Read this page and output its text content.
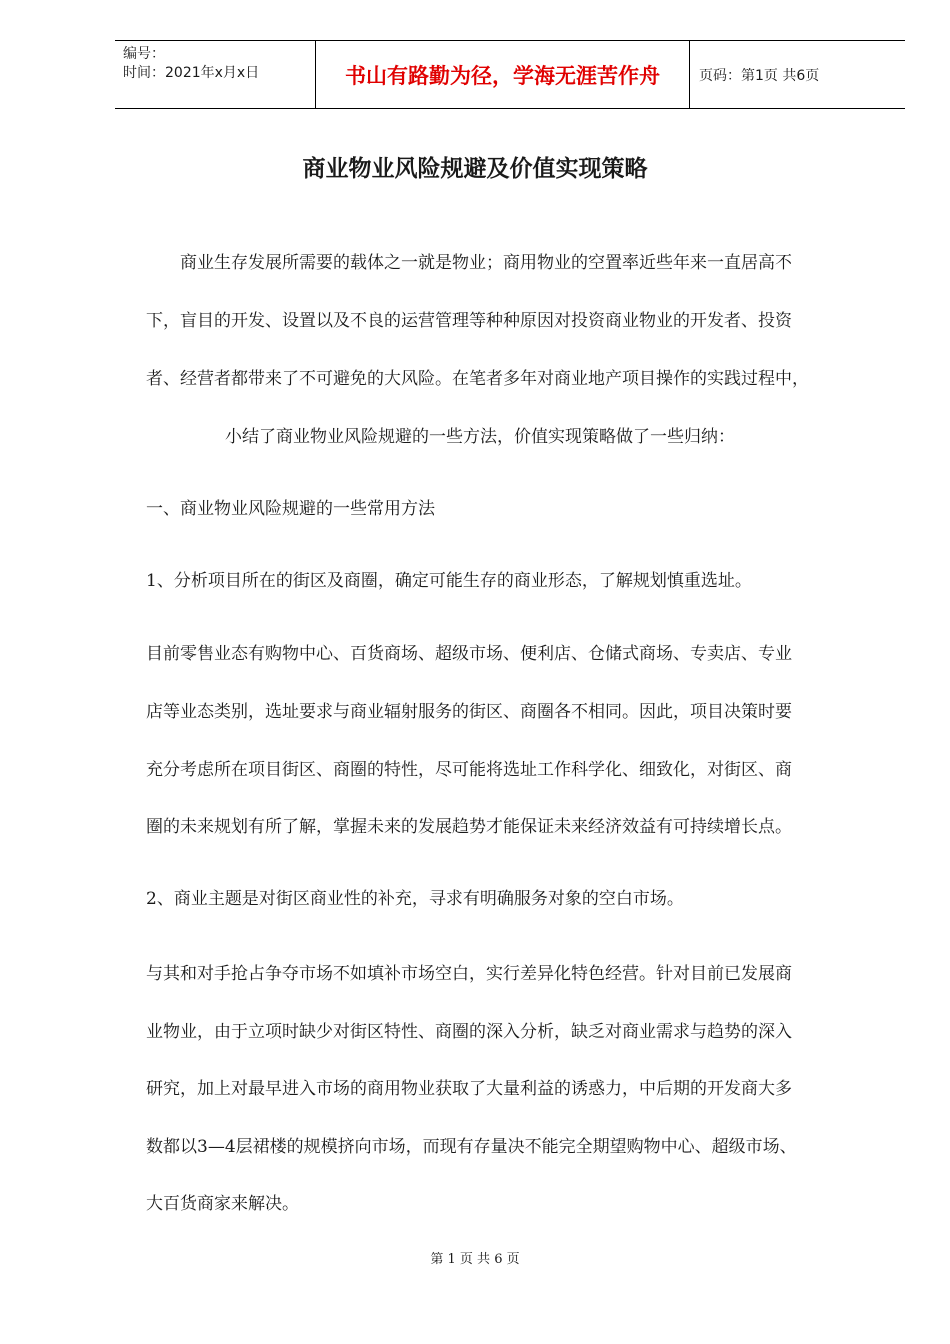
编号：
时间：2021年x月x日	书山有路勤为径，学海无涯苦作舟	页码：第1页 共6页
商业物业风险规避及价值实现策略
商业生存发展所需要的载体之一就是物业；商用物业的空置率近些年来一直居高不
下，盲目的开发、设置以及不良的运营管理等种种原因对投资商业物业的开发者、投资
者、经营者都带来了不可避免的大风险。在笔者多年对商业地产项目操作的实践过程中，
小结了商业物业风险规避的一些方法，价值实现策略做了一些归纳：
一、商业物业风险规避的一些常用方法
1、分析项目所在的街区及商圈，确定可能生存的商业形态，了解规划慎重选址。
目前零售业态有购物中心、百货商场、超级市场、便利店、仓储式商场、专卖店、专业
店等业态类别，选址要求与商业辐射服务的街区、商圈各不相同。因此，项目决策时要
充分考虑所在项目街区、商圈的特性，尽可能将选址工作科学化、细致化，对街区、商
圈的未来规划有所了解，掌握未来的发展趋势才能保证未来经济效益有可持续增长点。
2、商业主题是对街区商业性的补充，寻求有明确服务对象的空白市场。
与其和对手抢占争夺市场不如填补市场空白，实行差异化特色经营。针对目前已发展商
业物业，由于立项时缺少对街区特性、商圈的深入分析，缺乏对商业需求与趋势的深入
研究，加上对最早进入市场的商用物业获取了大量利益的诱惑力，中后期的开发商大多
数都以3—4层裙楼的规模挤向市场，而现有存量决不能完全期望购物中心、超级市场、
大百货商家来解决。
第 1 页 共 6 页
